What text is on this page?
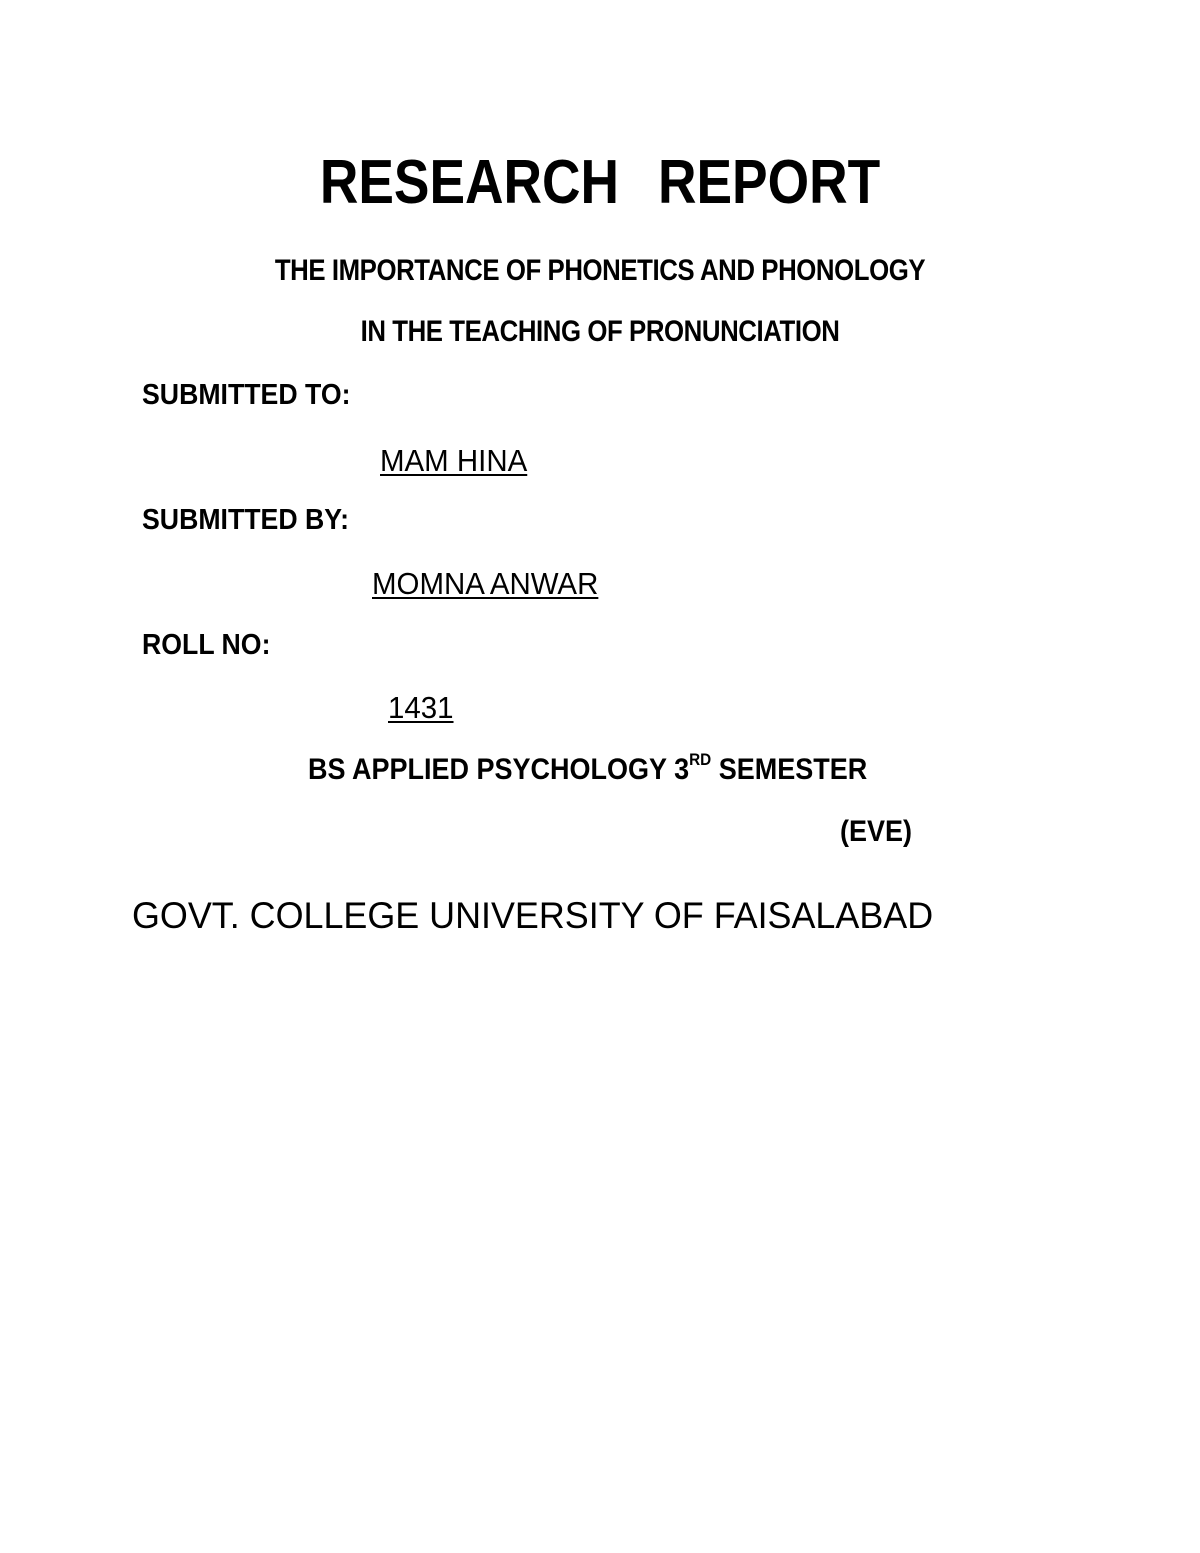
RESEARCH REPORT

THE IMPORTANCE OF PHONETICS AND PHONOLOGY

IN THE TEACHING OF PRONUNCIATION

SUBMITTED TO:

MAM HINA

SUBMITTED BY:

MOMNA ANWAR

ROLL NO:

1431

BS APPLIED PSYCHOLOGY 3RD SEMESTER

(EVE)

GOVT. COLLEGE UNIVERSITY OF FAISALABAD
